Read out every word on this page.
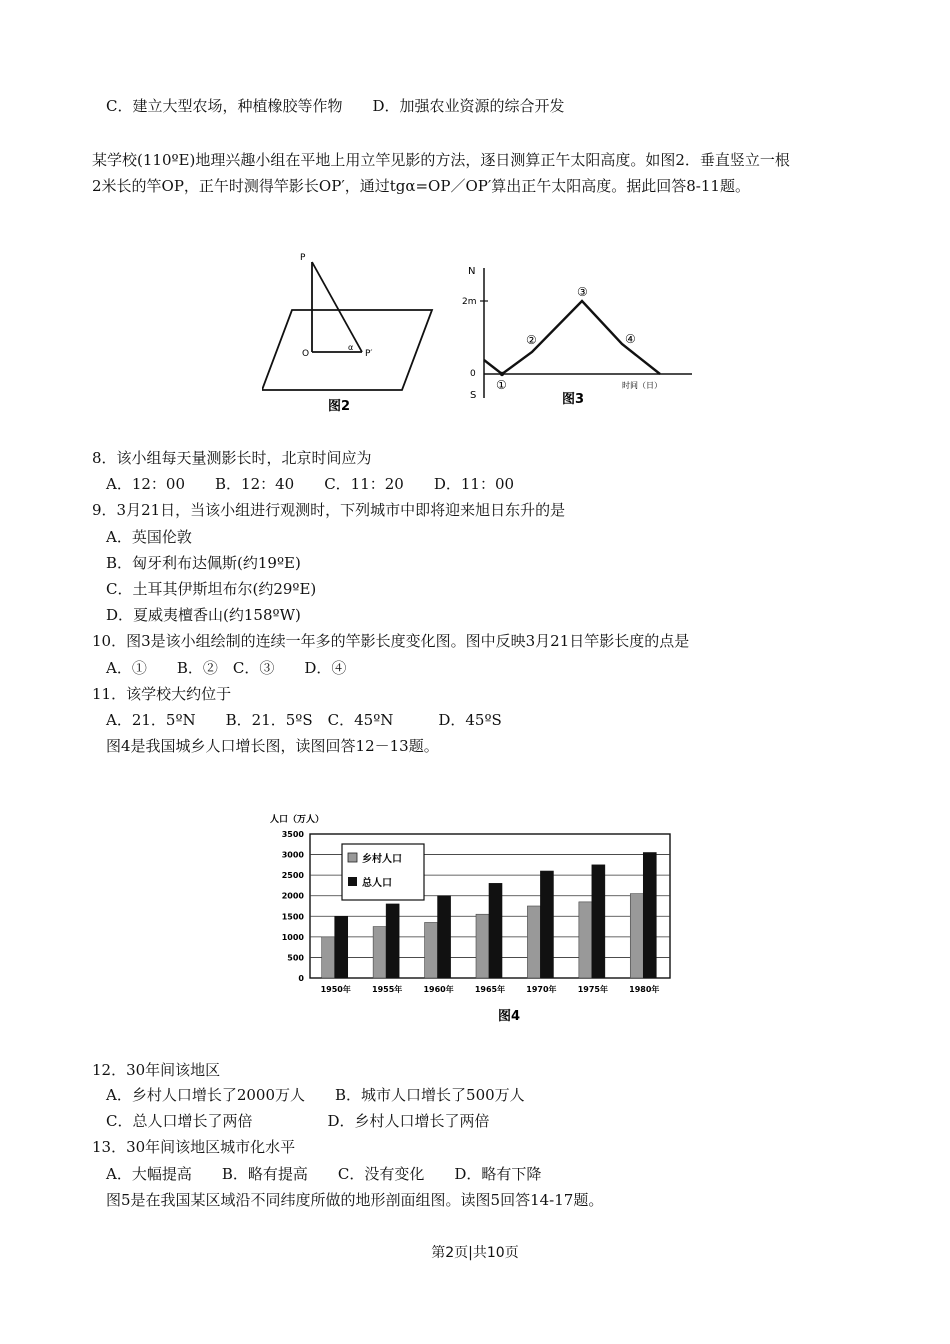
C．建立大型农场，种植橡胶等作物　　D．加强农业资源的综合开发
某学校(110ºE)地理兴趣小组在平地上用立竿见影的方法，逐日测算正午太阳高度。如图2．垂直竖立一根
2米长的竿OP，正午时测得竿影长OP′，通过tgα=OP／OP′算出正午太阳高度。据此回答8-11题。
P
O
α
P′
图2
N
2m
0
S
①
②
③
④
时间（日）
图3
8．该小组每天量测影长时，北京时间应为
A．12：00　　B．12：40　　C．11：20　　D．11：00
9．3月21日，当该小组进行观测时，下列城市中即将迎来旭日东升的是
A．英国伦敦
B．匈牙利布达佩斯(约19ºE)
C．土耳其伊斯坦布尔(约29ºE)
D．夏威夷檀香山(约158ºW)
10．图3是该小组绘制的连续一年多的竿影长度变化图。图中反映3月21日竿影长度的点是
A．①　　B．②　C．③　　D．④
11．该学校大约位于
A．21．5ºN　　B．21．5ºS　C．45ºN　　　D．45ºS
图4是我国城乡人口增长图，读图回答12－13题。
人口（万人）
3500
3000
2500
2000
1500
1000
500
0
1950年	1955年	1960年	1965年	1970年	1975年	1980年
乡村人口
总人口
图4
12．30年间该地区
A．乡村人口增长了2000万人　　B．城市人口增长了500万人
C．总人口增长了两倍　　　　　D．乡村人口增长了两倍
13．30年间该地区城市化水平
A．大幅提高　　B．略有提高　　C．没有变化　　D．略有下降
图5是在我国某区域沿不同纬度所做的地形剖面组图。读图5回答14-17题。
第2页|共10页
